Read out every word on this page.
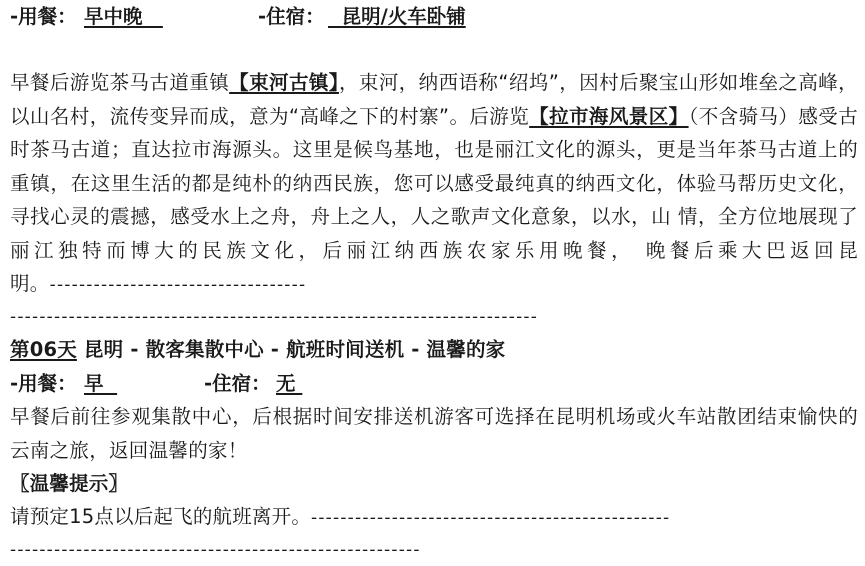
-用餐： 早中晚	-住宿： 昆明/火车卧铺
早餐后游览茶马古道重镇【束河古镇】，束河，纳西语称“绍坞”，因村后聚宝山形如堆垒之高峰，以山名村，流传变异而成，意为“高峰之下的村寨”。后游览【拉市海风景区】（不含骑马）感受古时茶马古道；直达拉市海源头。这里是候鸟基地，也是丽江文化的源头，更是当年茶马古道上的重镇，在这里生活的都是纯朴的纳西民族，您可以感受最纯真的纳西文化，体验马帮历史文化，寻找心灵的震撼，感受水上之舟，舟上之人，人之歌声文化意象，以水，山 情，全方位地展现了丽江独特而博大的民族文化，后丽江纳西族农家乐用晚餐， 晚餐后乘大巴返回昆明。-----------------------------------
------------------------------------------------------------------------
第06天 昆明 - 散客集散中心 - 航班时间送机 - 温馨的家
-用餐： 早	-住宿： 无
早餐后前往参观集散中心，后根据时间安排送机游客可选择在昆明机场或火车站散团结束愉快的云南之旅，返回温馨的家！
〖温馨提示〗
请预定15点以后起飞的航班离开。-------------------------------------------------
--------------------------------------------------------
